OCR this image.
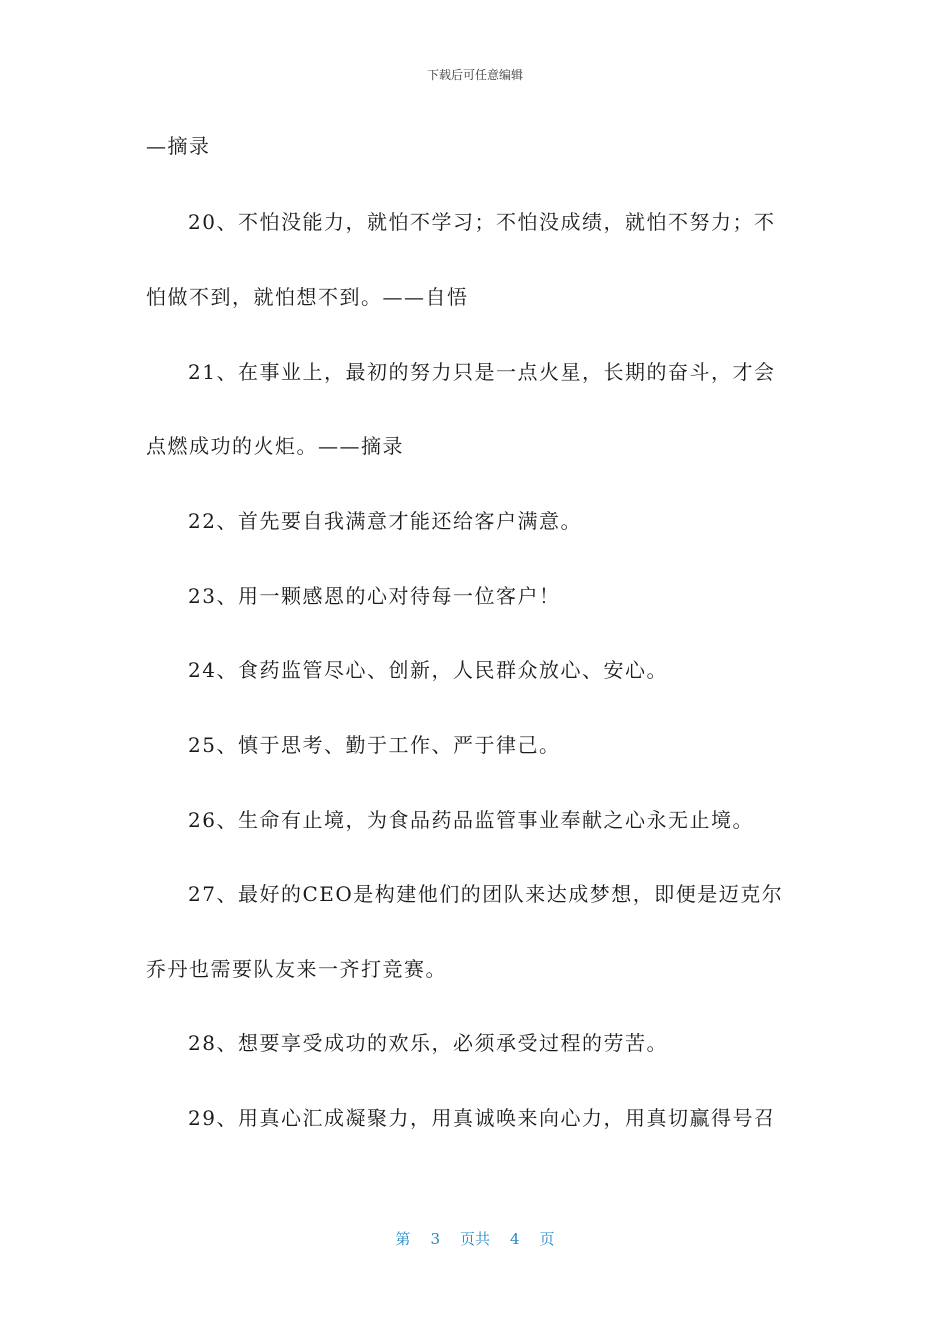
下载后可任意编辑
—摘录
20、不怕没能力，就怕不学习；不怕没成绩，就怕不努力；不
怕做不到，就怕想不到。——自悟
21、在事业上，最初的努力只是一点火星，长期的奋斗，才会
点燃成功的火炬。——摘录
22、首先要自我满意才能还给客户满意。
23、用一颗感恩的心对待每一位客户！
24、食药监管尽心、创新，人民群众放心、安心。
25、慎于思考、勤于工作、严于律己。
26、生命有止境，为食品药品监管事业奉献之心永无止境。
27、最好的CEO是构建他们的团队来达成梦想，即便是迈克尔
乔丹也需要队友来一齐打竞赛。
28、想要享受成功的欢乐，必须承受过程的劳苦。
29、用真心汇成凝聚力，用真诚唤来向心力，用真切赢得号召
第 3 页共 4 页
